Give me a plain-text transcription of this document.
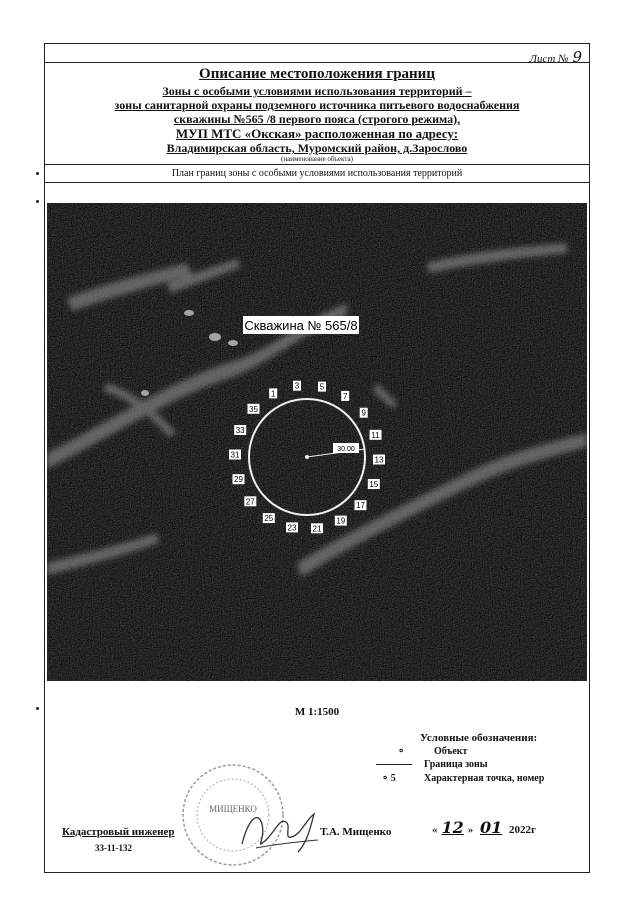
Лист № 9
Описание местоположения границ
Зоны с особыми условиями использования территорий –
зоны санитарной охраны подземного источника питьевого водоснабжения
скважины №565 /8 первого пояса (строгого режима),
МУП МТС «Окская» расположенная по адресу:
Владимирская область, Муромский район, д.Зарослово
(наименование объекта)
План границ зоны с особыми условиями использования территорий
30.00
Скважина № 565/8
1
3	5
7
9
11
13
15
17
19
21
23
25
27
29
31
33
35
М 1:1500
Условные обозначения:
∘	Объект
Граница зоны
∘ 5	Характерная точка, номер
МИЩЕНКО
Кадастровый инженер
33-11-132
Т.А. Мищенко	« 12 » 01 2022г
